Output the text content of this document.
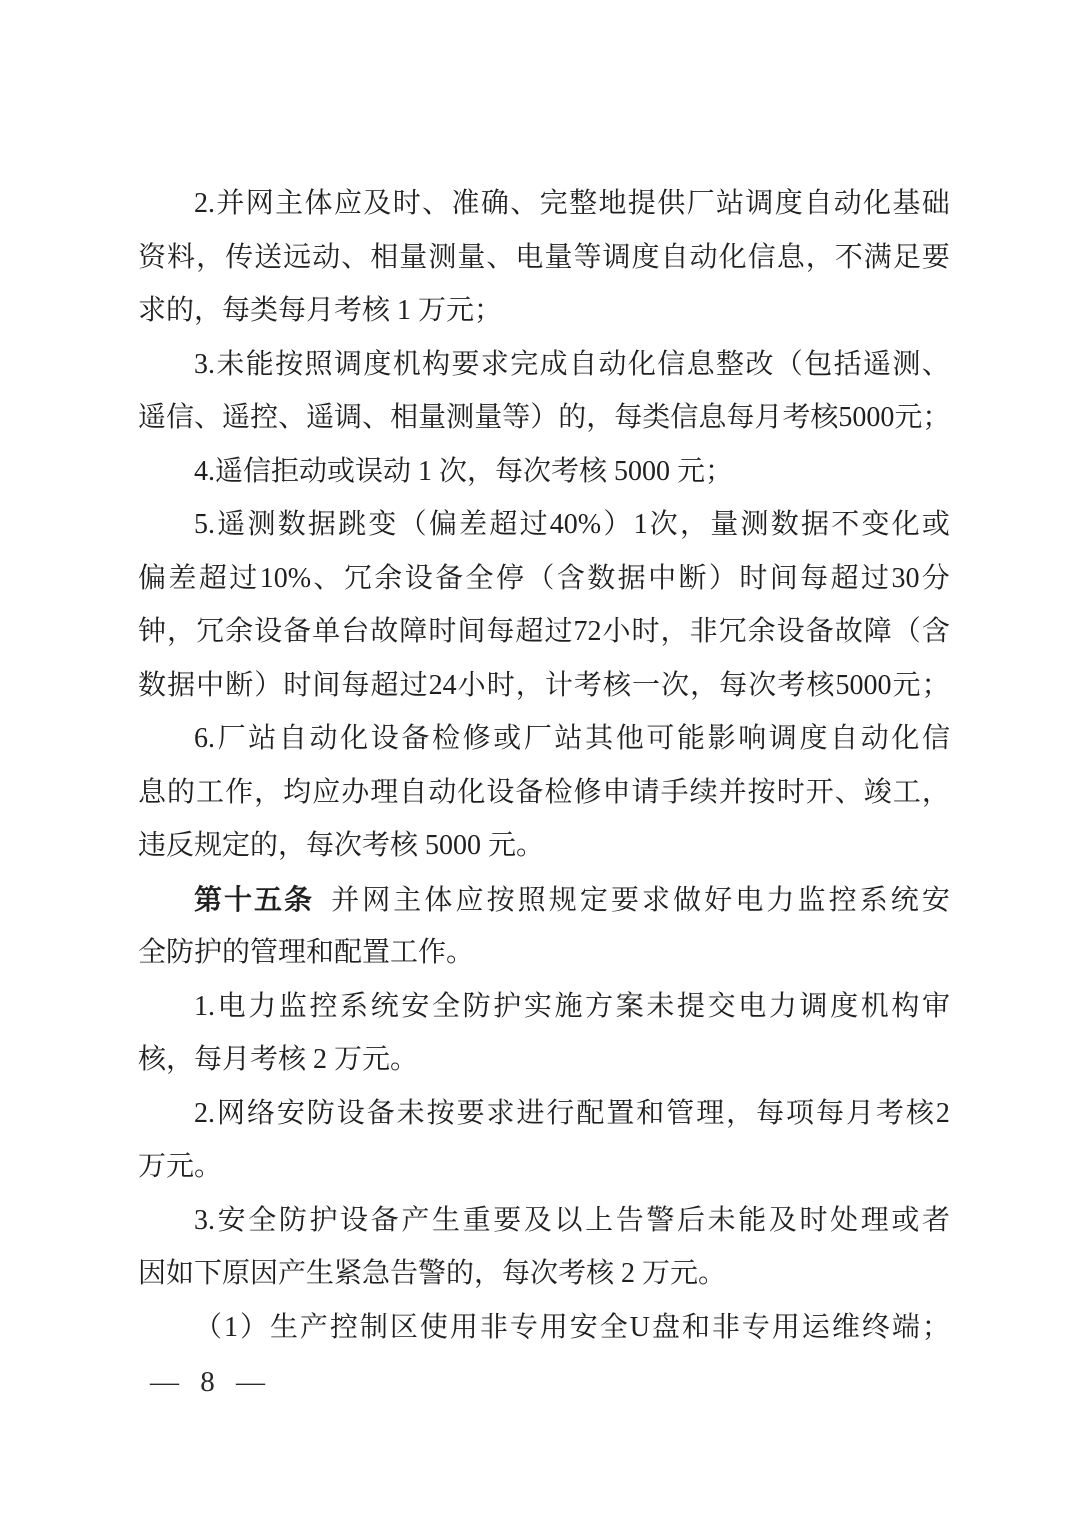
2. 并 网 主 体 应 及 时 、 准 确 、 完 整 地 提 供 厂 站 调 度 自 动 化 基 础
资 料 ， 传 送 远 动 、 相 量 测 量 、 电 量 等 调 度 自 动 化 信 息 ， 不 满 足 要
求的，每类每月考核 1 万元；
3. 未 能 按 照 调 度 机 构 要 求 完 成 自 动 化 信 息 整 改 （ 包 括 遥 测 、
遥 信 、 遥 控 、 遥 调 、 相 量 测 量 等 ） 的 ， 每 类 信 息 每 月 考 核 5000 元 ；
4.遥信拒动或误动 1 次，每次考核 5000 元；
5. 遥 测 数 据 跳 变 （ 偏 差 超 过 40% ） 1 次 ， 量 测 数 据 不 变 化 或
偏 差 超 过 10% 、 冗 余 设 备 全 停 （ 含 数 据 中 断 ） 时 间 每 超 过 30 分
钟 ， 冗 余 设 备 单 台 故 障 时 间 每 超 过 72 小 时 ， 非 冗 余 设 备 故 障 （ 含
数 据 中 断 ） 时 间 每 超 过 24 小 时 ， 计 考 核 一 次 ， 每 次 考 核 5000 元 ；
6. 厂 站 自 动 化 设 备 检 修 或 厂 站 其 他 可 能 影 响 调 度 自 动 化 信
息 的 工 作 ， 均 应 办 理 自 动 化 设 备 检 修 申 请 手 续 并 按 时 开 、 竣 工 ，
违反规定的，每次考核 5000 元。
第十五条 并 网 主 体 应 按 照 规 定 要 求 做 好 电 力 监 控 系 统 安
全防护的管理和配置工作。
1. 电 力 监 控 系 统 安 全 防 护 实 施 方 案 未 提 交 电 力 调 度 机 构 审
核，每月考核 2 万元。
2. 网 络 安 防 设 备 未 按 要 求 进 行 配 置 和 管 理 ， 每 项 每 月 考 核 2
万元。
3. 安 全 防 护 设 备 产 生 重 要 及 以 上 告 警 后 未 能 及 时 处 理 或 者
因如下原因产生紧急告警的，每次考核 2 万元。
（ 1 ） 生 产 控 制 区 使 用 非 专 用 安 全 U 盘 和 非 专 用 运 维 终 端 ；
— 8 —
